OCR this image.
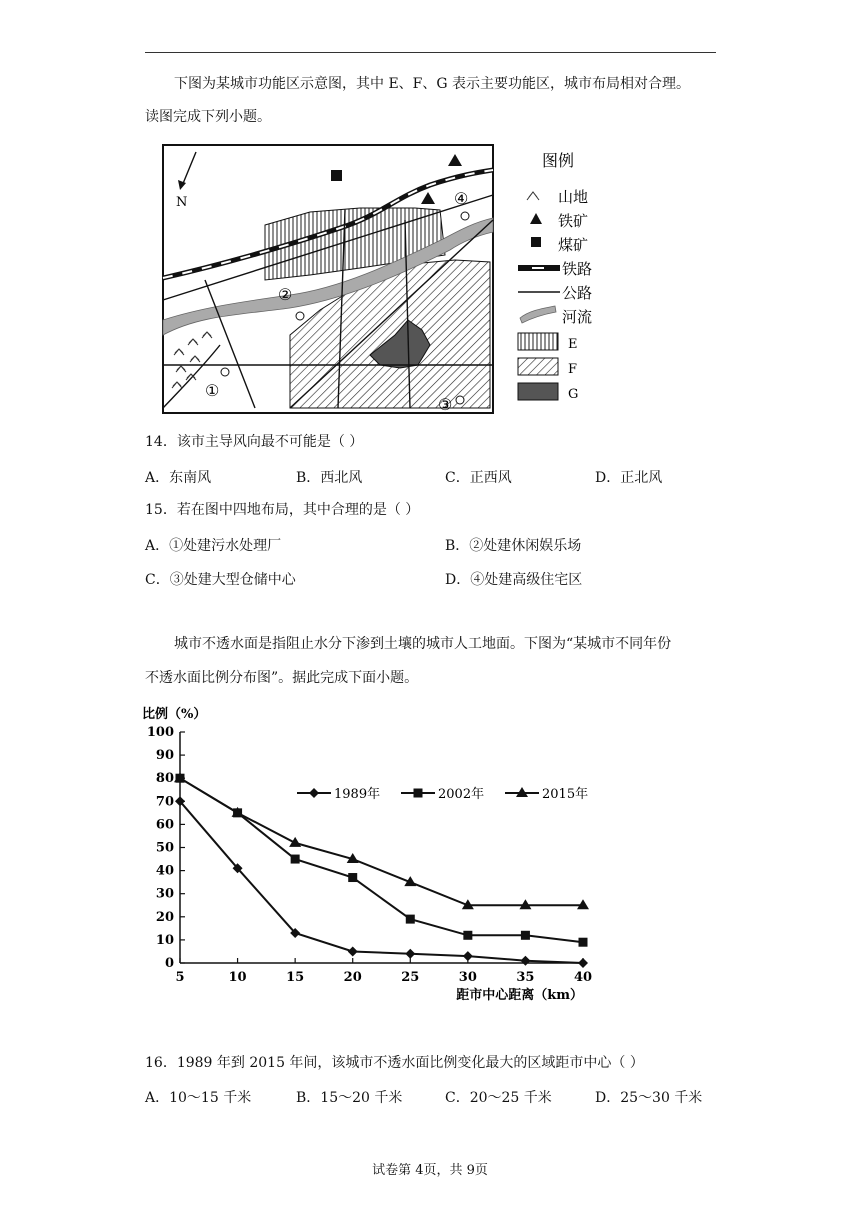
下图为某城市功能区示意图，其中 E、F、G 表示主要功能区，城市布局相对合理。
读图完成下列小题。
①
②
③
④
N
图例
山地
铁矿
煤矿
铁路
公路
河流
E
F
G
14．该市主导风向最不可能是（ ）
A．东南风	B．西北风	C．正西风	D．正北风
15．若在图中四地布局，其中合理的是（ ）
A．①处建污水处理厂	B．②处建休闲娱乐场
C．③处建大型仓储中心	D．④处建高级住宅区
城市不透水面是指阻止水分下渗到土壤的城市人工地面。下图为“某城市不同年份
不透水面比例分布图”。据此完成下面小题。
0
10
20
30
40
50
60
70
80
90
100
5	10	15	20	25	30	35	40
比例（%）
距市中心距离（km）
1989年	2002年	2015年
16．1989 年到 2015 年间，该城市不透水面比例变化最大的区域距市中心（ ）
A．10～15 千米	B．15～20 千米	C．20～25 千米	D．25～30 千米
试卷第 4页，共 9页
